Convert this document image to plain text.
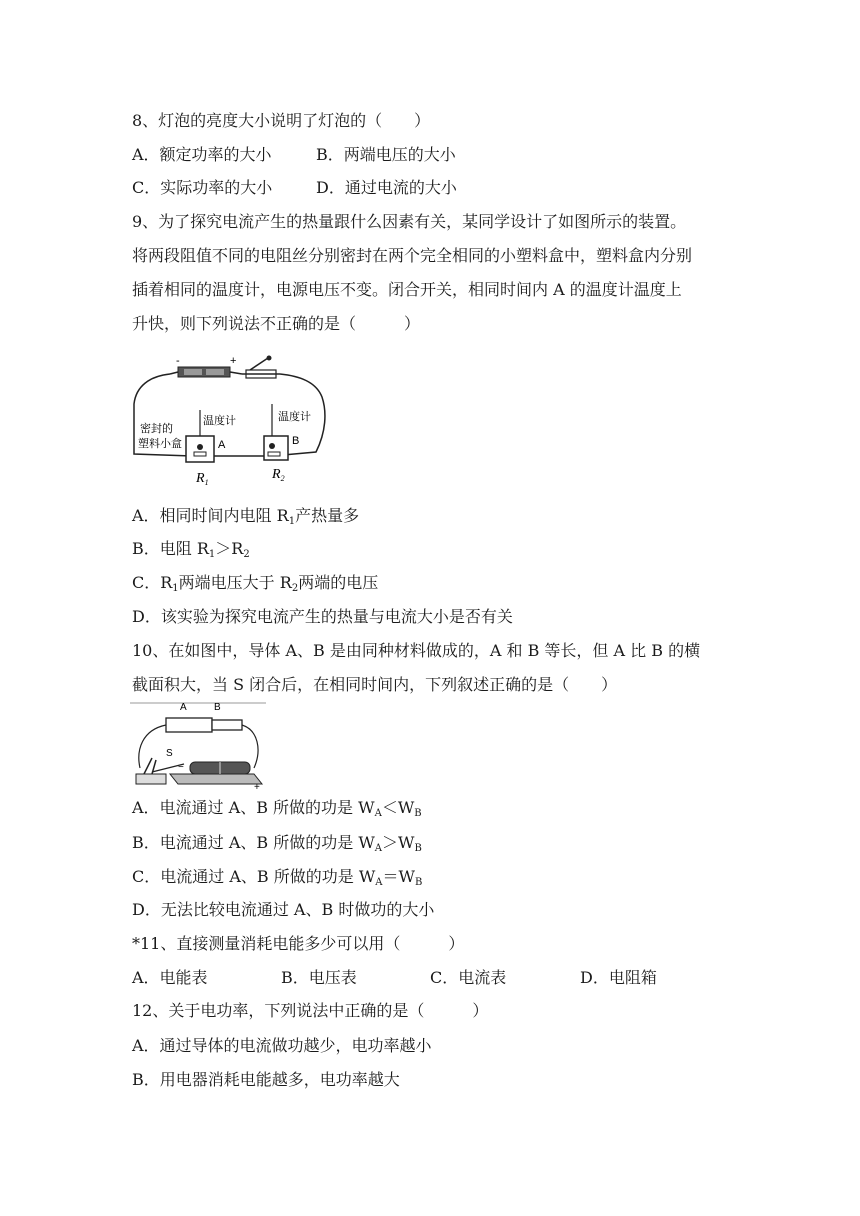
8、灯泡的亮度大小说明了灯泡的（　　）
A．额定功率的大小	B．两端电压的大小
C．实际功率的大小	D．通过电流的大小
9、为了探究电流产生的热量跟什么因素有关，某同学设计了如图所示的装置。
将两段阻值不同的电阻丝分别密封在两个完全相同的小塑料盒中，塑料盒内分别
插着相同的温度计，电源电压不变。闭合开关，相同时间内 A 的温度计温度上
升快，则下列说法不正确的是（　　　）
-	+
密封的
塑料小盒
温度计
A
温度计
B
$R_1$
$R_2$
A．相同时间内电阻 $R_1$产热量多
B．电阻 $R_1>R_2$
C．$R_1$两端电压大于 $R_2$两端的电压
D．该实验为探究电流产生的热量与电流大小是否有关
10、在如图中，导体 A、B 是由同种材料做成的，A 和 B 等长，但 A 比 B 的横
截面积大，当 S 闭合后，在相同时间内，下列叙述正确的是（　　）
A	B
S
−
+
A．电流通过 A、B 所做的功是 $W_A<W_B$
B．电流通过 A、B 所做的功是 $W_A>W_B$
C．电流通过 A、B 所做的功是 $W_A=W_B$
D．无法比较电流通过 A、B 时做功的大小
*11、直接测量消耗电能多少可以用（　　　）
A．电能表	B．电压表	C．电流表	D．电阻箱
12、关于电功率，下列说法中正确的是（　　　）
A．通过导体的电流做功越少，电功率越小
B．用电器消耗电能越多，电功率越大
